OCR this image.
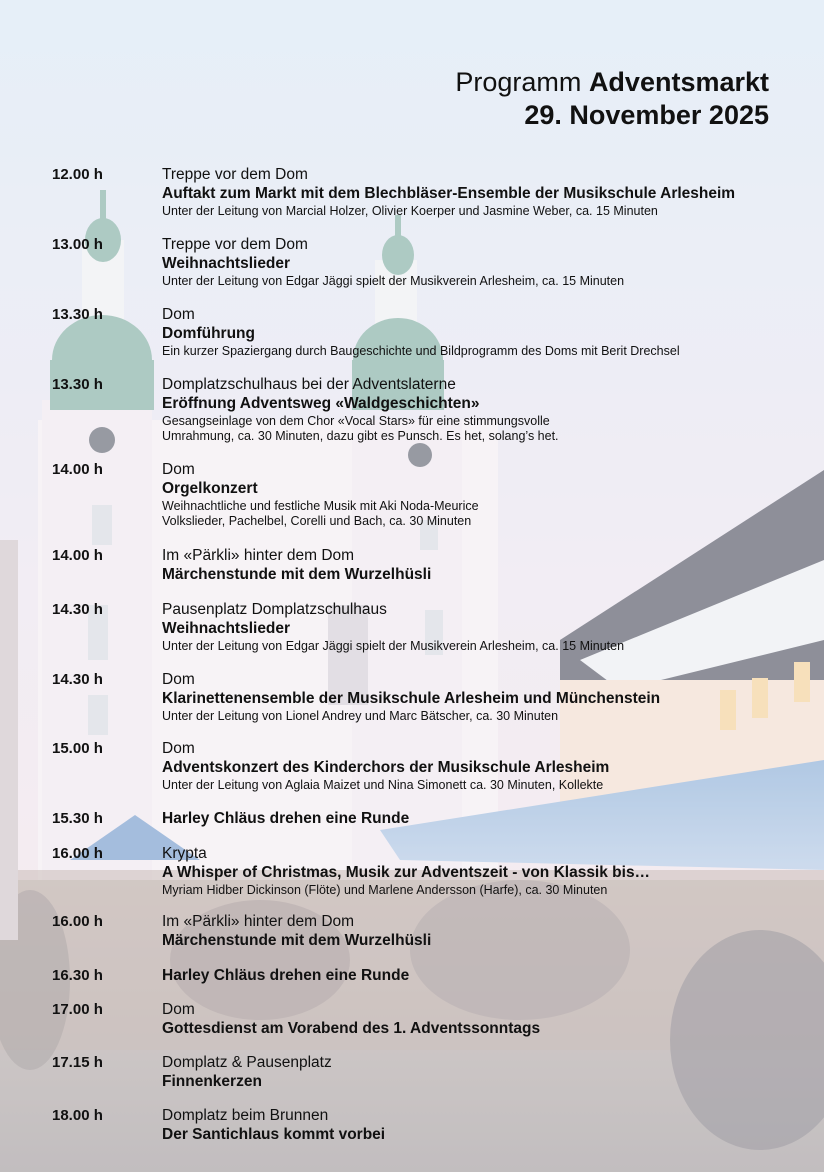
Programm Adventsmarkt
29. November 2025
12.00 h	Treppe vor dem Dom
Auftakt zum Markt mit dem Blechbläser-Ensemble der Musikschule Arlesheim
Unter der Leitung von Marcial Holzer, Olivier Koerper und Jasmine Weber, ca. 15 Minuten
13.00 h	Treppe vor dem Dom
Weihnachtslieder
Unter der Leitung von Edgar Jäggi spielt der Musikverein Arlesheim, ca. 15 Minuten
13.30 h	Dom
Domführung
Ein kurzer Spaziergang durch Baugeschichte und Bildprogramm des Doms mit Berit Drechsel
13.30 h	Domplatzschulhaus bei der Adventslaterne
Eröffnung Adventsweg «Waldgeschichten»
Gesangseinlage von dem Chor «Vocal Stars» für eine stimmungsvolle
Umrahmung, ca. 30 Minuten, dazu gibt es Punsch. Es het, solang’s het.
14.00 h	Dom
Orgelkonzert
Weihnachtliche und festliche Musik mit Aki Noda-Meurice
Volkslieder, Pachelbel, Corelli und Bach, ca. 30 Minuten
14.00 h	Im «Pärkli» hinter dem Dom
Märchenstunde mit dem Wurzelhüsli
14.30 h	Pausenplatz Domplatzschulhaus
Weihnachtslieder
Unter der Leitung von Edgar Jäggi spielt der Musikverein Arlesheim, ca. 15 Minuten
14.30 h	Dom
Klarinettenensemble der Musikschule Arlesheim und Münchenstein
Unter der Leitung von Lionel Andrey und Marc Bätscher, ca. 30 Minuten
15.00 h	Dom
Adventskonzert des Kinderchors der Musikschule Arlesheim
Unter der Leitung von Aglaia Maizet und Nina Simonett ca. 30 Minuten, Kollekte
15.30 h	Harley Chläus drehen eine Runde
16.00 h	Krypta
A Whisper of Christmas, Musik zur Adventszeit - von Klassik bis…
Myriam Hidber Dickinson (Flöte) und Marlene Andersson (Harfe), ca. 30 Minuten
16.00 h	Im «Pärkli» hinter dem Dom
Märchenstunde mit dem Wurzelhüsli
16.30 h	Harley Chläus drehen eine Runde
17.00 h	Dom
Gottesdienst am Vorabend des 1. Adventssonntags
17.15 h	Domplatz & Pausenplatz
Finnenkerzen
18.00 h	Domplatz beim Brunnen
Der Santichlaus kommt vorbei
